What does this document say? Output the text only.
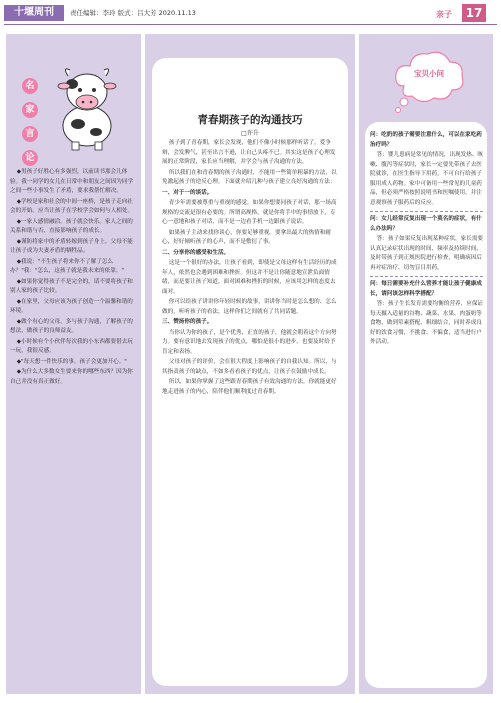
十堰周刊	责任编辑：李玲 版式：吕大芳 2020.11.13	亲子	17
名
家
言
论

◆男孩子好胜心有多强烈，以前读书那会儿体验。我一同学的女儿在日常中和朋友之间因为同学之间一些小事发生了矛盾，要求我帮忙解决。

◆学校是家和社会的中间一座桥，是孩子走向社会的开始。应当让孩子在学校学会如何与人相处。

◆一家人感情融洽，孩子就会快乐。家人之间的关系和谐与否，直接影响孩子的成长。

◆谨防将家中的矛盾转嫁到孩子身上。父母不能让孩子成为夫妻矛盾的牺牲品。

◆我说："不生孩子将来你不了解了怎么办？"我："怎么，这孩子就是我未来的依靠。"

◆如果你觉得孩子不是完全的，请不要将孩子和别人家的孩子比较。

◆在家里，父母应该为孩子创造一个温馨和谐的环境。

◆做个有心的父母，多与孩子沟通，了解孩子的想法，做孩子的良师益友。

◆小时候有个小伙伴每次我的小东西都要借去玩一玩，我很反感。

◆"每天想一件快乐的事，孩子会更加开心。"

◆为什么大多数女生要来你的哪些东西？因为你自己并没有真正做好。

青春期孩子的沟通技巧
□许升

孩子到了青春期，家长会发现，他们不像小时候那样听话了，爱争辩，会发脾气，甚至出言不逊，让自己头疼不已。其实这是孩子心理发展的正常阶段，家长应当理解，并学会与孩子沟通的方法。

所以我们在和青春期的孩子沟通时，不能用一些简单粗暴的方法，以免激起孩子的逆反心理。下面就介绍几种与孩子建立良好沟通的方法：

一、对于一的谈话。

青少年需要被尊重与重视的感觉。如果你想要同孩子对话，那一场高规格的交流是很有必要的。所谓高规格，就是你将手中的事情放下，专心一意地和孩子对话，而不是一边看手机一边跟孩子说话。

如果孩子主动来找你谈心，你要足够重视。要拿出最大的热情和耐心，好好倾听孩子的心声，而不是敷衍了事。

二、分享你的感受和生活。

这是一个很好的办法。让孩子看到，即使是父母这样有生活经历的成年人，依然也会遇到困难和挫折。但这并不是让你随意地宣泄负面情绪，而是要让孩子知道，面对困难和挫折的时候，应该用怎样的态度去面对。

你可以给孩子讲讲你年轻时候的故事，讲讲你当时是怎么想的、怎么做的，听听孩子的看法，这样你们之间就有了共同话题。

三、赞扬你的孩子。

当你认为你的孩子，是个优秀、正直的孩子，他就会朝着这个方向努力。要有意识地去发现孩子的优点，哪怕是很小的进步，也要及时给予肯定和表扬。

父母对孩子的评价，会在很大程度上影响孩子的自我认知。所以，与其指责孩子的缺点，不如多看看孩子的优点，让孩子在鼓励中成长。

所以，如果你掌握了这些跟青春期孩子有效沟通的方法，你就能更好地走进孩子的内心，陪伴他们顺利度过青春期。

宝贝小问

问：吃奶的孩子需要注意什么，可以在家吃药治疗吗？

答：婴儿患病是常见的情况，出现发热、咳嗽、腹泻等症状时，家长一定要先带孩子去医院就诊，在医生指导下用药，不可自行给孩子服用成人药物。家中可备用一些常见的儿童药品，但必须严格按照说明书和医嘱使用，并注意观察孩子服药后的反应。

问：女儿经常反复出现一个莫名的症状，有什么办法吗？

答：孩子如果反复出现某种症状，家长需要认真记录症状出现的时间、频率及持续时间，及时带孩子到正规医院进行检查，明确病因后再对症治疗，切勿盲目用药。

问：每日需要补充什么营养才能让孩子健康成长，请问该怎样科学搭配？

答：孩子生长发育需要均衡的营养，应保证每天摄入适量的谷物、蔬菜、水果、肉蛋奶等食物，做到荤素搭配、粗细结合，同时养成良好的饮食习惯，不挑食、不偏食，适当进行户外活动。
